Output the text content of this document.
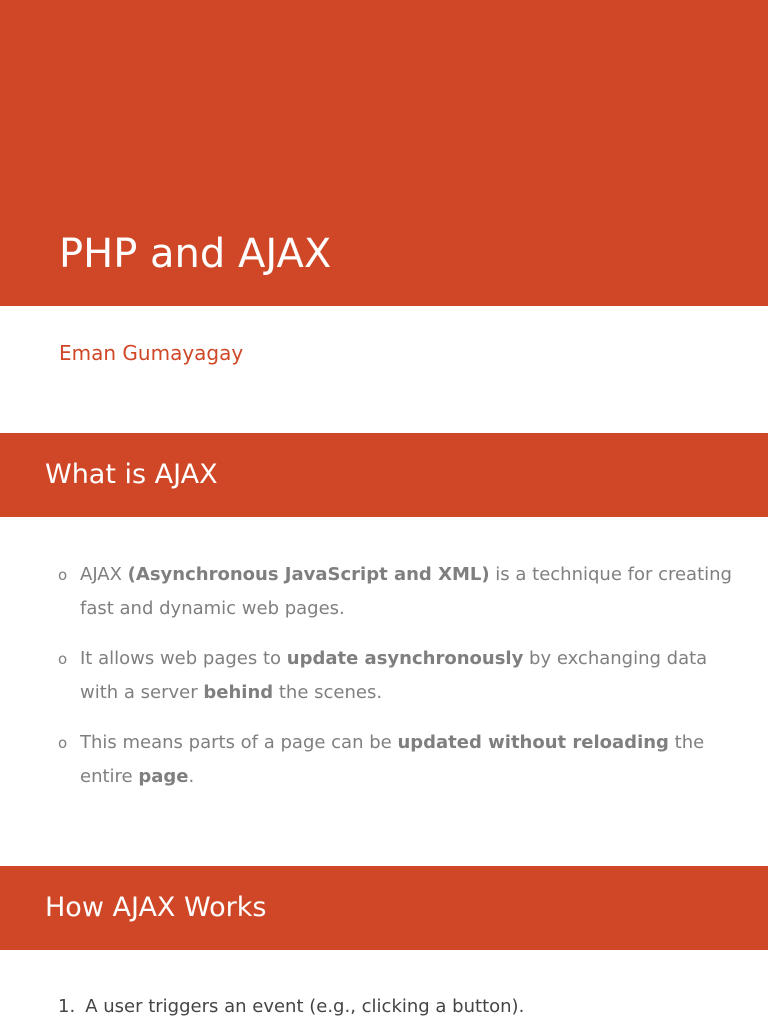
PHP and AJAX
Eman Gumayagay
What is AJAX
o AJAX (Asynchronous JavaScript and XML) is a technique for creating fast and dynamic web pages.
o It allows web pages to update asynchronously by exchanging data with a server behind the scenes.
o This means parts of a page can be updated without reloading the entire page.
How AJAX Works
1. A user triggers an event (e.g., clicking a button).
